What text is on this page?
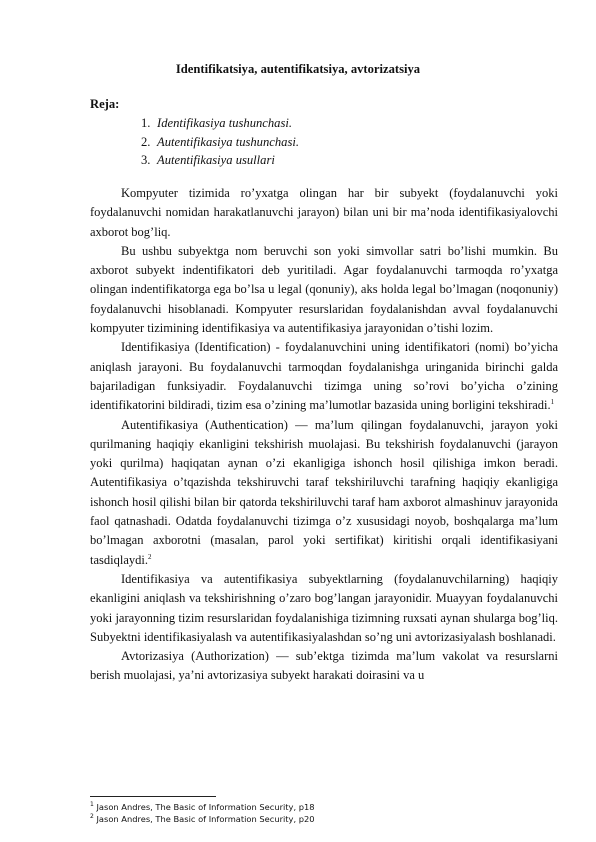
Identifikatsiya, autentifikatsiya, avtorizatsiya
Reja:
1. Identifikasiya tushunchasi.
2. Autentifikasiya tushunchasi.
3. Autentifikasiya usullari

Kompyuter tizimida ro’yxatga olingan har bir subyekt (foydalanuvchi yoki foydalanuvchi nomidan harakatlanuvchi jarayon) bilan uni bir ma’noda identifikasiyalovchi axborot bog’liq.

Bu ushbu subyektga nom beruvchi son yoki simvollar satri bo’lishi mumkin. Bu axborot subyekt indentifikatori deb yuritiladi. Agar foydalanuvchi tarmoqda ro’yxatga olingan indentifikatorga ega bo’lsa u legal (qonuniy), aks holda legal bo’lmagan (noqonuniy) foydalanuvchi hisoblanadi. Kompyuter resurslaridan foydalanishdan avval foydalanuvchi kompyuter tizimining identifikasiya va autentifikasiya jarayonidan o’tishi lozim.

Identifikasiya (Identification) - foydalanuvchini uning identifikatori (nomi) bo’yicha aniqlash jarayoni. Bu foydalanuvchi tarmoqdan foydalanishga uringanida birinchi galda bajariladigan funksiyadir. Foydalanuvchi tizimga uning so’rovi bo’yicha o’zining identifikatorini bildiradi, tizim esa o’zining ma’lumotlar bazasida uning borligini tekshiradi.$^1$

Autentifikasiya (Authentication) — ma’lum qilingan foydalanuvchi, jarayon yoki qurilmaning haqiqiy ekanligini tekshirish muolajasi. Bu tekshirish foydalanuvchi (jarayon yoki qurilma) haqiqatan aynan o’zi ekanligiga ishonch hosil qilishiga imkon beradi. Autentifikasiya o’tqazishda tekshiruvchi taraf tekshiriluvchi tarafning haqiqiy ekanligiga ishonch hosil qilishi bilan bir qatorda tekshiriluvchi taraf ham axborot almashinuv jarayonida faol qatnashadi. Odatda foydalanuvchi tizimga o’z xususidagi noyob, boshqalarga ma’lum bo’lmagan axborotni (masalan, parol yoki sertifikat) kiritishi orqali identifikasiyani tasdiqlaydi.$^2$

Identifikasiya va autentifikasiya subyektlarning (foydalanuvchilarning) haqiqiy ekanligini aniqlash va tekshirishning o’zaro bog’langan jarayonidir. Muayyan foydalanuvchi yoki jarayonning tizim resurslaridan foydalanishiga tizimning ruxsati aynan shularga bog’liq. Subyektni identifikasiyalash va autentifikasiyalashdan so’ng uni avtorizasiyalash boshlanadi.

Avtorizasiya (Authorization) — sub’ektga tizimda ma’lum vakolat va resurslarni berish muolajasi, ya’ni avtorizasiya subyekt harakati doirasini va u

$^1$ Jason Andres, The Basic of Information Security, p18
$^2$ Jason Andres, The Basic of Information Security, p20
